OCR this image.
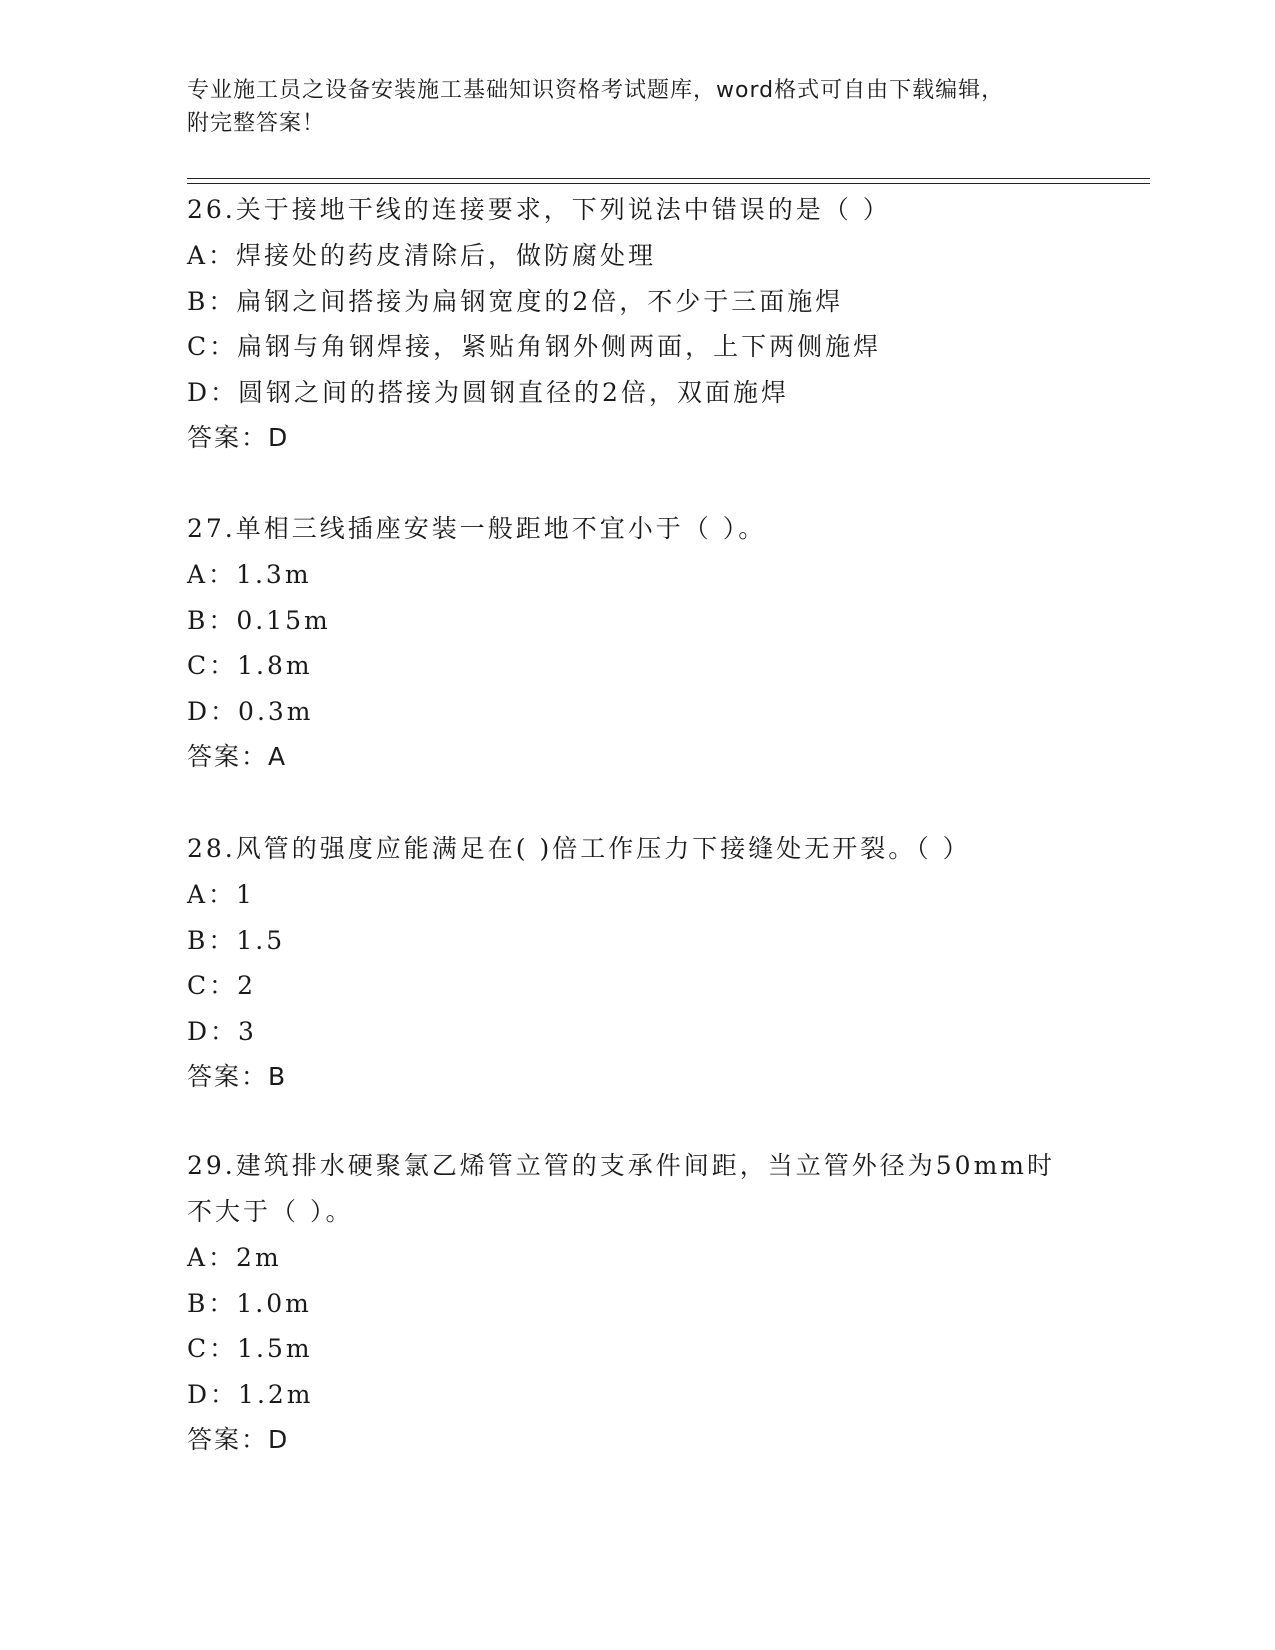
专业施工员之设备安装施工基础知识资格考试题库，word格式可自由下载编辑，
附完整答案！

26.关于接地干线的连接要求，下列说法中错误的是（ ）

A：焊接处的药皮清除后，做防腐处理

B：扁钢之间搭接为扁钢宽度的2倍，不少于三面施焊

C：扁钢与角钢焊接，紧贴角钢外侧两面，上下两侧施焊

D：圆钢之间的搭接为圆钢直径的2倍，双面施焊

答案：D

27.单相三线插座安装一般距地不宜小于（ ）。

A：1.3m

B：0.15m

C：1.8m

D：0.3m

答案：A

28.风管的强度应能满足在( )倍工作压力下接缝处无开裂。（ ）

A：1

B：1.5

C：2

D：3

答案：B

29.建筑排水硬聚氯乙烯管立管的支承件间距，当立管外径为50mm时

不大于（ ）。

A：2m

B：1.0m

C：1.5m

D：1.2m

答案：D
